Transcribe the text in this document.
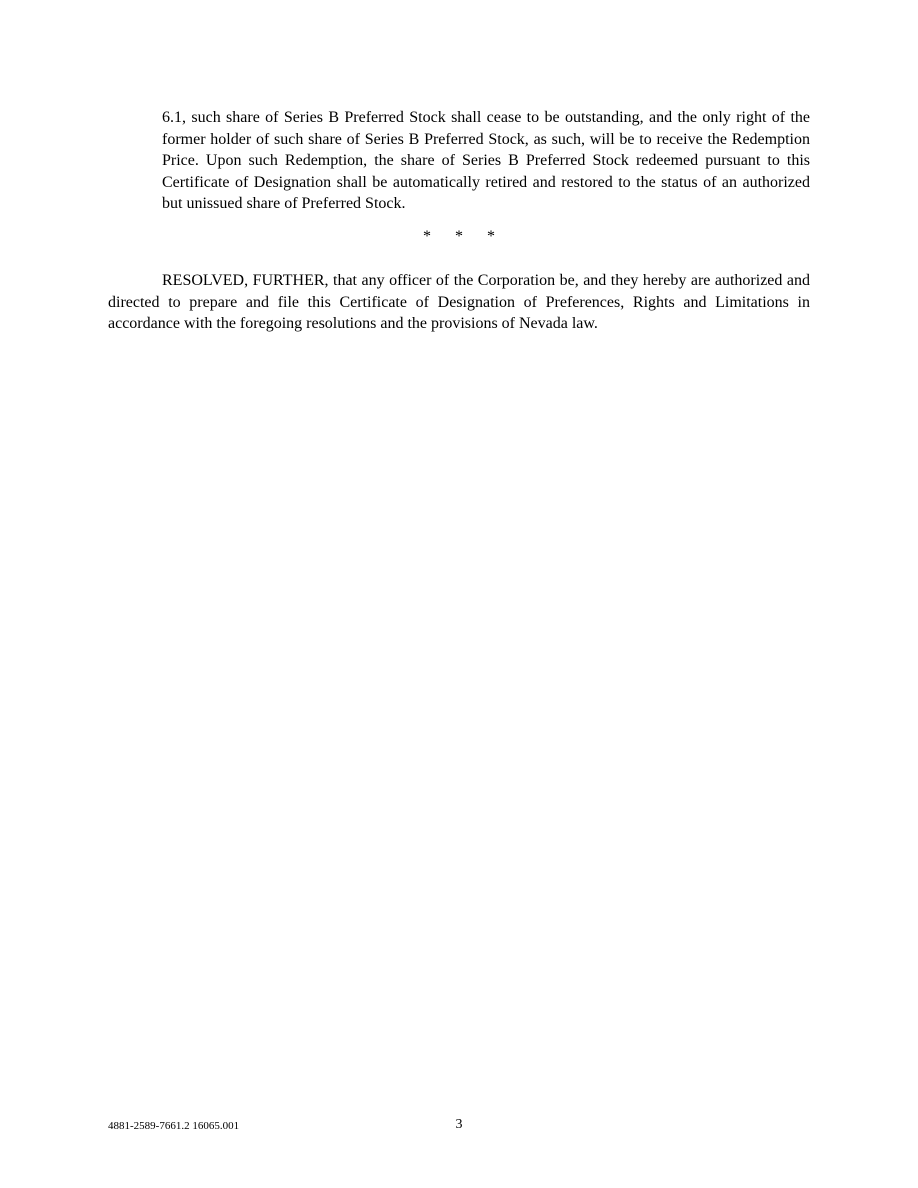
6.1, such share of Series B Preferred Stock shall cease to be outstanding, and the only right of the former holder of such share of Series B Preferred Stock, as such, will be to receive the Redemption Price. Upon such Redemption, the share of Series B Preferred Stock redeemed pursuant to this Certificate of Designation shall be automatically retired and restored to the status of an authorized but unissued share of Preferred Stock.

* * *

RESOLVED, FURTHER, that any officer of the Corporation be, and they hereby are authorized and directed to prepare and file this Certificate of Designation of Preferences, Rights and Limitations in accordance with the foregoing resolutions and the provisions of Nevada law.

4881-2589-7661.2 16065.001	3
